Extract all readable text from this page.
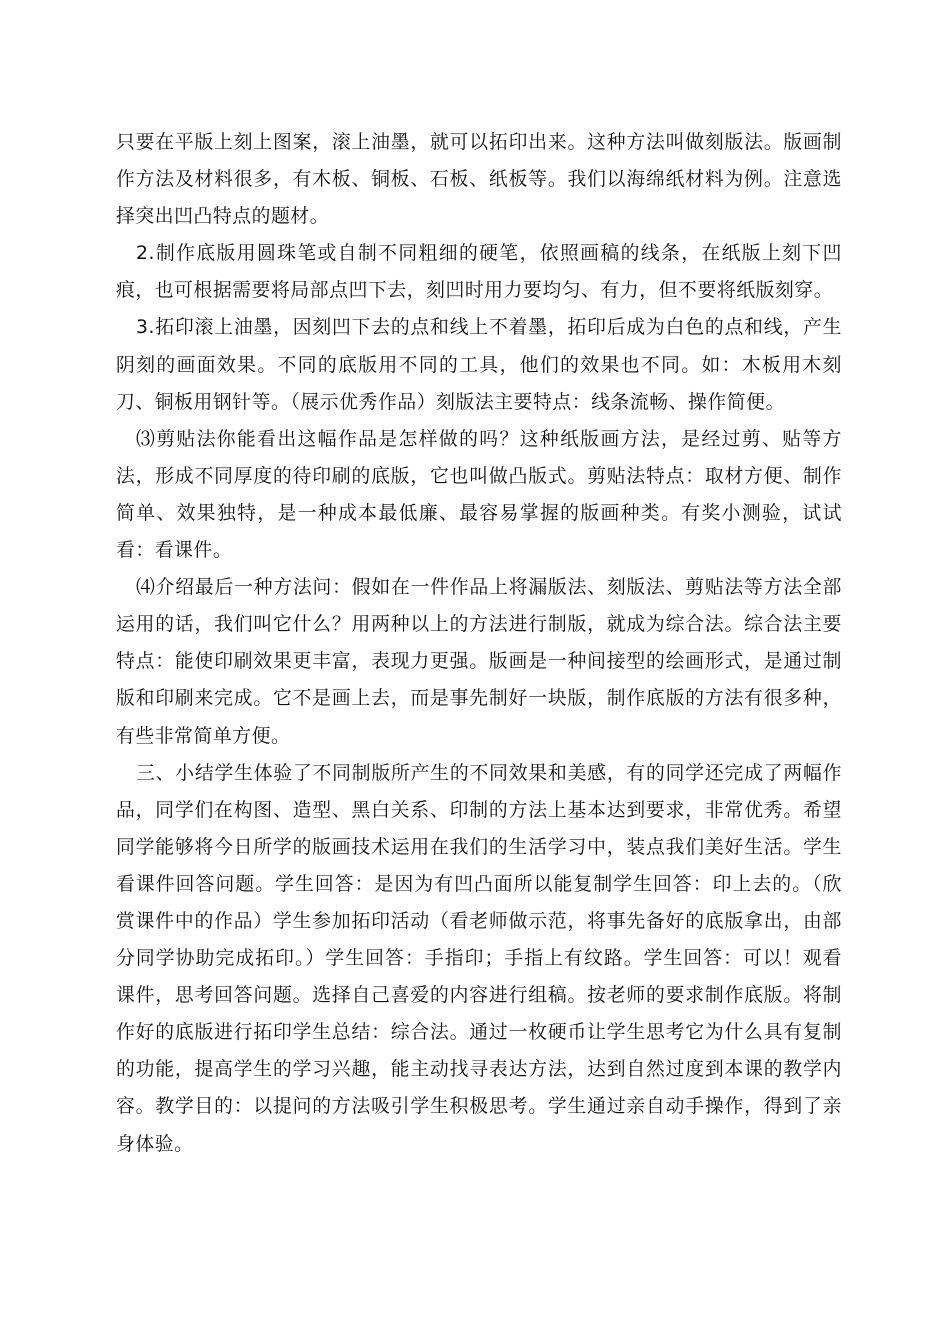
只要在平版上刻上图案，滚上油墨，就可以拓印出来。这种方法叫做刻版法。版画制作方法及材料很多，有木板、铜板、石板、纸板等。我们以海绵纸材料为例。注意选择突出凹凸特点的题材。

2.制作底版用圆珠笔或自制不同粗细的硬笔，依照画稿的线条，在纸版上刻下凹痕，也可根据需要将局部点凹下去，刻凹时用力要均匀、有力，但不要将纸版刻穿。

3.拓印滚上油墨，因刻凹下去的点和线上不着墨，拓印后成为白色的点和线，产生阴刻的画面效果。不同的底版用不同的工具，他们的效果也不同。如：木板用木刻刀、铜板用钢针等。（展示优秀作品）刻版法主要特点：线条流畅、操作简便。

⑶剪贴法你能看出这幅作品是怎样做的吗？这种纸版画方法，是经过剪、贴等方法，形成不同厚度的待印刷的底版，它也叫做凸版式。剪贴法特点：取材方便、制作简单、效果独特，是一种成本最低廉、最容易掌握的版画种类。有奖小测验，试试看：看课件。

⑷介绍最后一种方法问：假如在一件作品上将漏版法、刻版法、剪贴法等方法全部运用的话，我们叫它什么？用两种以上的方法进行制版，就成为综合法。综合法主要特点：能使印刷效果更丰富，表现力更强。版画是一种间接型的绘画形式，是通过制版和印刷来完成。它不是画上去，而是事先制好一块版，制作底版的方法有很多种，有些非常简单方便。

三、小结学生体验了不同制版所产生的不同效果和美感，有的同学还完成了两幅作品，同学们在构图、造型、黑白关系、印制的方法上基本达到要求，非常优秀。希望同学能够将今日所学的版画技术运用在我们的生活学习中，装点我们美好生活。学生看课件回答问题。学生回答：是因为有凹凸面所以能复制学生回答：印上去的。（欣赏课件中的作品）学生参加拓印活动（看老师做示范，将事先备好的底版拿出，由部分同学协助完成拓印。）学生回答：手指印；手指上有纹路。学生回答：可以！观看课件，思考回答问题。选择自己喜爱的内容进行组稿。按老师的要求制作底版。将制作好的底版进行拓印学生总结：综合法。通过一枚硬币让学生思考它为什么具有复制的功能，提高学生的学习兴趣，能主动找寻表达方法，达到自然过度到本课的教学内容。教学目的：以提问的方法吸引学生积极思考。学生通过亲自动手操作，得到了亲身体验。
